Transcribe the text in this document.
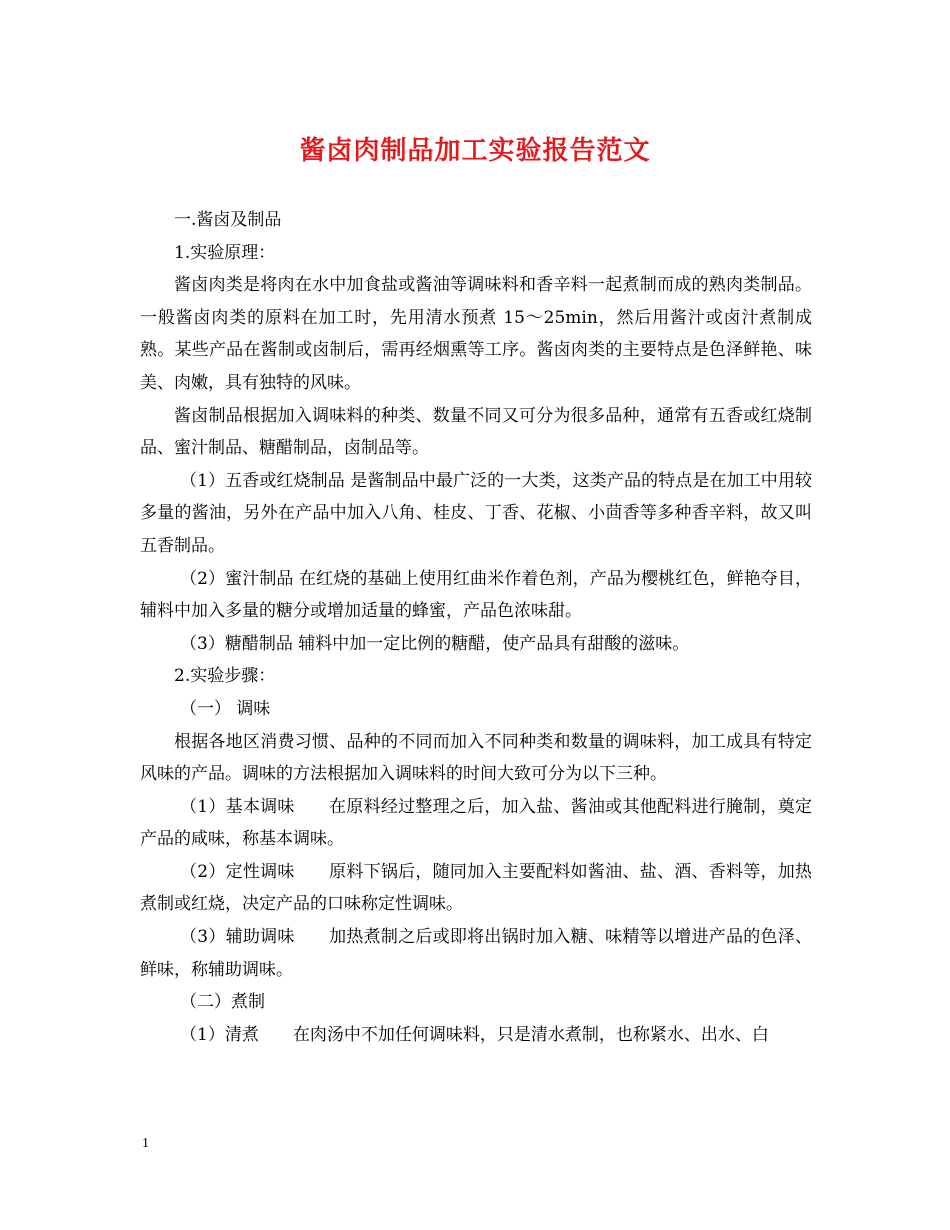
酱卤肉制品加工实验报告范文

一.酱卤及制品

1.实验原理：

酱卤肉类是将肉在水中加食盐或酱油等调味料和香辛料一起煮制而成的熟肉类制品。一般酱卤肉类的原料在加工时，先用清水预煮 15～25min，然后用酱汁或卤汁煮制成熟。某些产品在酱制或卤制后，需再经烟熏等工序。酱卤肉类的主要特点是色泽鲜艳、味美、肉嫩，具有独特的风味。

酱卤制品根据加入调味料的种类、数量不同又可分为很多品种，通常有五香或红烧制品、蜜汁制品、糖醋制品，卤制品等。

（1）五香或红烧制品 是酱制品中最广泛的一大类，这类产品的特点是在加工中用较多量的酱油，另外在产品中加入八角、桂皮、丁香、花椒、小茴香等多种香辛料，故又叫五香制品。

（2）蜜汁制品 在红烧的基础上使用红曲米作着色剂，产品为樱桃红色，鲜艳夺目，辅料中加入多量的糖分或增加适量的蜂蜜，产品色浓味甜。

（3）糖醋制品 辅料中加一定比例的糖醋，使产品具有甜酸的滋味。

2.实验步骤：

（一） 调味

根据各地区消费习惯、品种的不同而加入不同种类和数量的调味料，加工成具有特定风味的产品。调味的方法根据加入调味料的时间大致可分为以下三种。

（1）基本调味　　在原料经过整理之后，加入盐、酱油或其他配料进行腌制，奠定产品的咸味，称基本调味。

（2）定性调味　　原料下锅后，随同加入主要配料如酱油、盐、酒、香料等，加热煮制或红烧，决定产品的口味称定性调味。

（3）辅助调味　　加热煮制之后或即将出锅时加入糖、味精等以增进产品的色泽、鲜味，称辅助调味。

（二）煮制

（1）清煮　　在肉汤中不加任何调味料，只是清水煮制，也称紧水、出水、白

1
